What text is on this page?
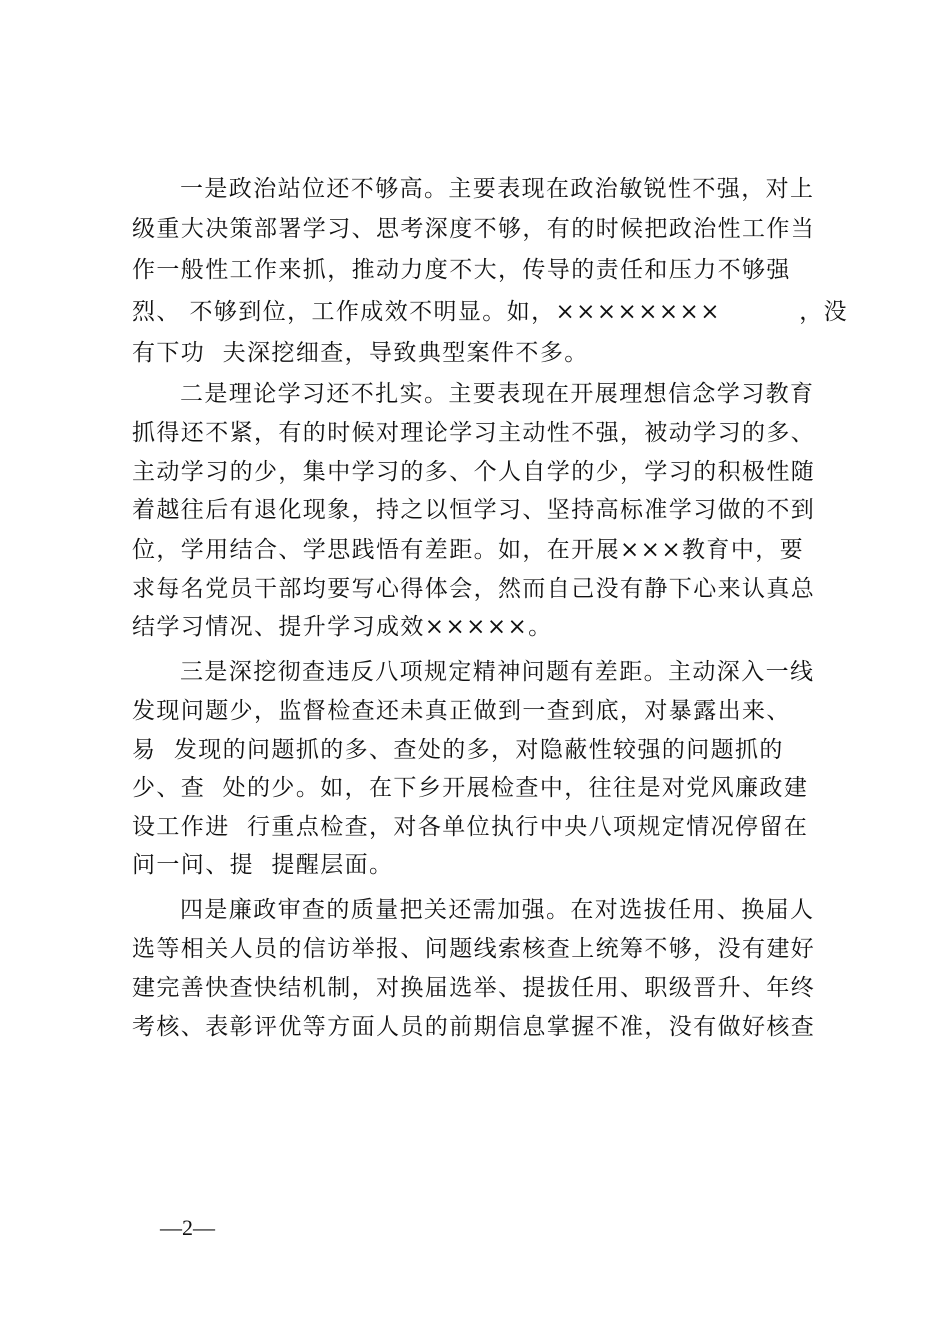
一是政治站位还不够高。主要表现在政治敏锐性不强，对上
级重大决策部署学习、思考深度不够，有的时候把政治性工作当
作一般性工作来抓，推动力度不大，传导的责任和压力不够强
烈、 不够到位，工作成效不明显。如，××××××××         ，没
有下功  夫深挖细查，导致典型案件不多。
二是理论学习还不扎实。主要表现在开展理想信念学习教育
抓得还不紧，有的时候对理论学习主动性不强，被动学习的多、
主动学习的少，集中学习的多、个人自学的少，学习的积极性随
着越往后有退化现象，持之以恒学习、坚持高标准学习做的不到
位，学用结合、学思践悟有差距。如，在开展×××教育中，要
求每名党员干部均要写心得体会，然而自己没有静下心来认真总
结学习情况、提升学习成效×××××。
三是深挖彻查违反八项规定精神问题有差距。主动深入一线
发现问题少，监督检查还未真正做到一查到底，对暴露出来、
易  发现的问题抓的多、查处的多，对隐蔽性较强的问题抓的
少、查  处的少。如，在下乡开展检查中，往往是对党风廉政建
设工作进  行重点检查，对各单位执行中央八项规定情况停留在
问一问、提  提醒层面。
四是廉政审查的质量把关还需加强。在对选拔任用、换届人
选等相关人员的信访举报、问题线索核查上统筹不够，没有建好
建完善快查快结机制，对换届选举、提拔任用、职级晋升、年终
考核、表彰评优等方面人员的前期信息掌握不准，没有做好核查
—2—
